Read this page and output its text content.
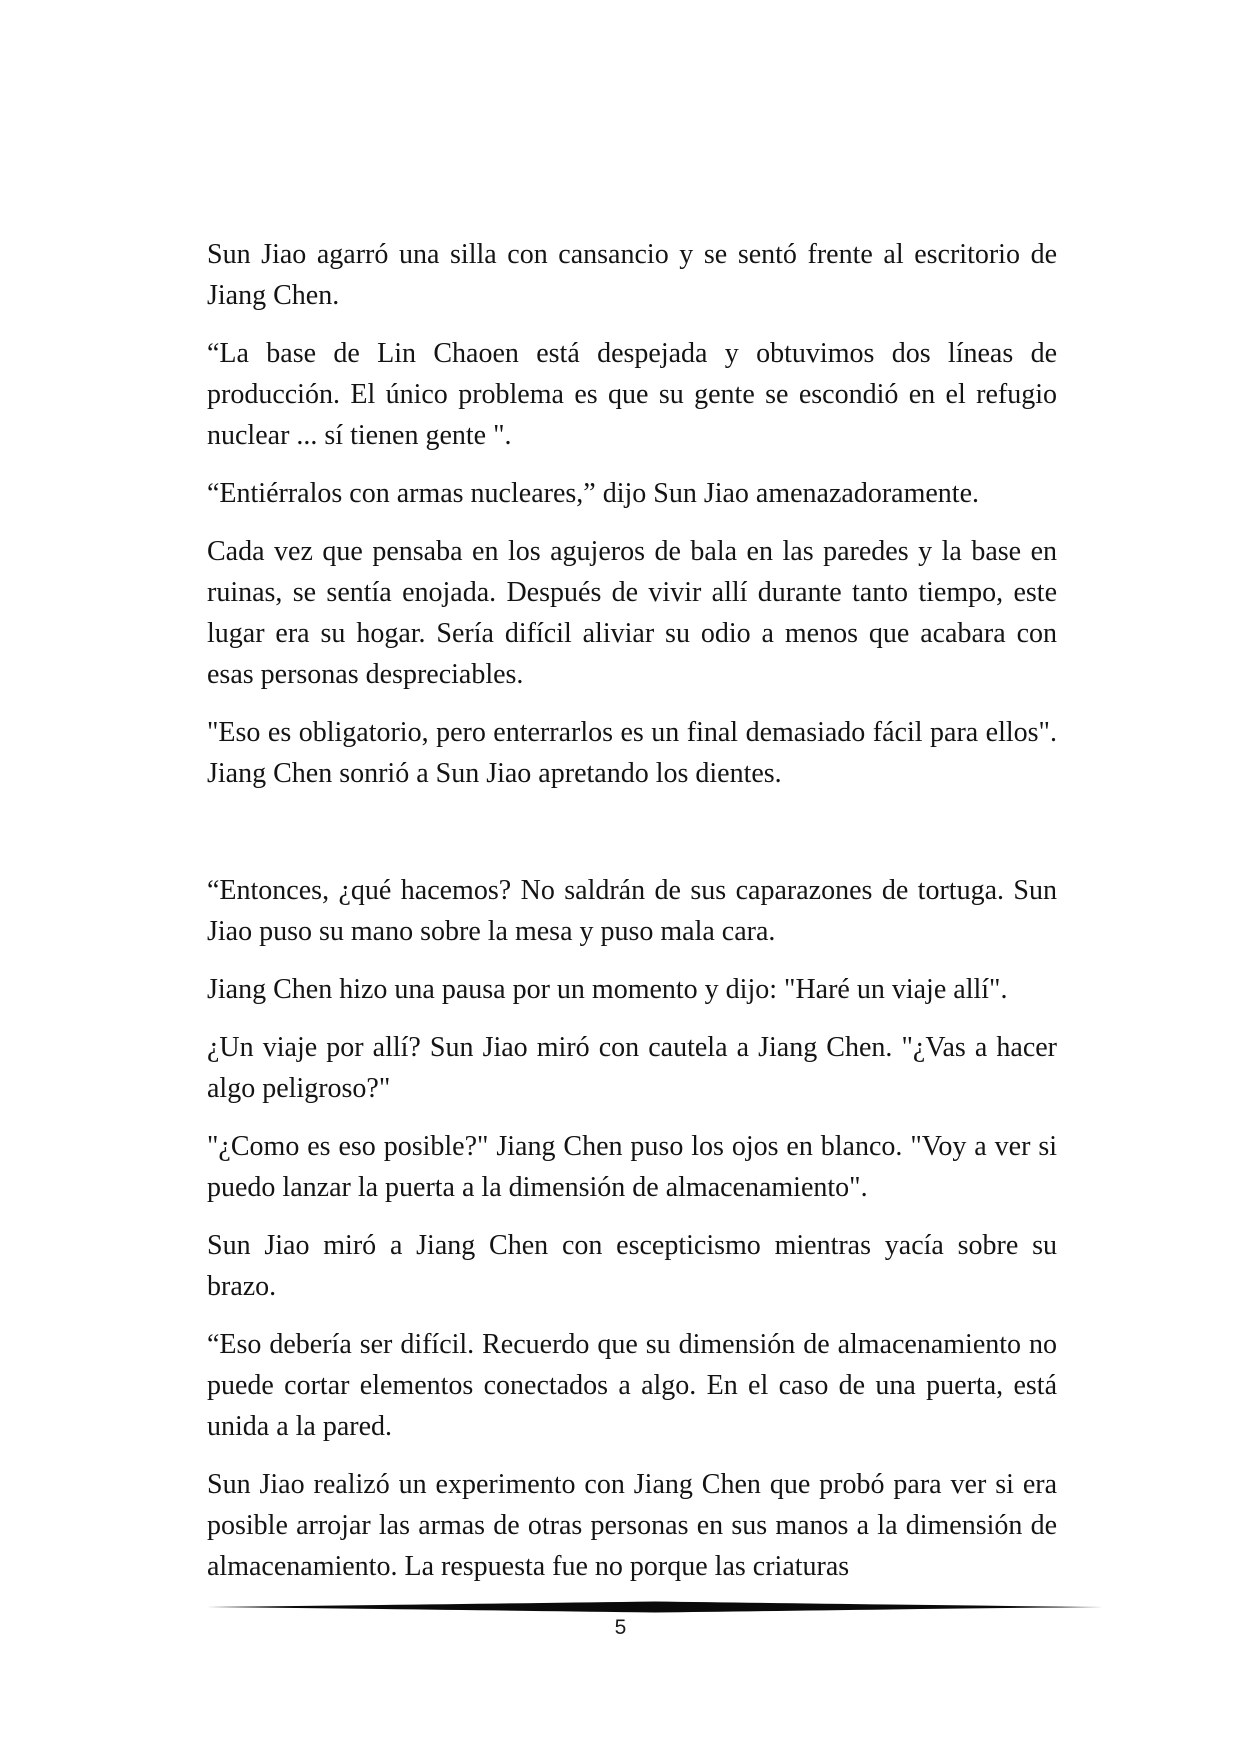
Sun Jiao agarró una silla con cansancio y se sentó frente al escritorio de Jiang Chen.

“La base de Lin Chaoen está despejada y obtuvimos dos líneas de producción. El único problema es que su gente se escondió en el refugio nuclear ... sí tienen gente ".

“Entiérralos con armas nucleares,” dijo Sun Jiao amenazadoramente.

Cada vez que pensaba en los agujeros de bala en las paredes y la base en ruinas, se sentía enojada. Después de vivir allí durante tanto tiempo, este lugar era su hogar. Sería difícil aliviar su odio a menos que acabara con esas personas despreciables.

"Eso es obligatorio, pero enterrarlos es un final demasiado fácil para ellos". Jiang Chen sonrió a Sun Jiao apretando los dientes.

“Entonces, ¿qué hacemos? No saldrán de sus caparazones de tortuga. Sun Jiao puso su mano sobre la mesa y puso mala cara.

Jiang Chen hizo una pausa por un momento y dijo: "Haré un viaje allí".

¿Un viaje por allí? Sun Jiao miró con cautela a Jiang Chen. "¿Vas a hacer algo peligroso?"

"¿Como es eso posible?" Jiang Chen puso los ojos en blanco. "Voy a ver si puedo lanzar la puerta a la dimensión de almacenamiento".

Sun Jiao miró a Jiang Chen con escepticismo mientras yacía sobre su brazo.

“Eso debería ser difícil. Recuerdo que su dimensión de almacenamiento no puede cortar elementos conectados a algo. En el caso de una puerta, está unida a la pared.

Sun Jiao realizó un experimento con Jiang Chen que probó para ver si era posible arrojar las armas de otras personas en sus manos a la dimensión de almacenamiento. La respuesta fue no porque las criaturas

5
